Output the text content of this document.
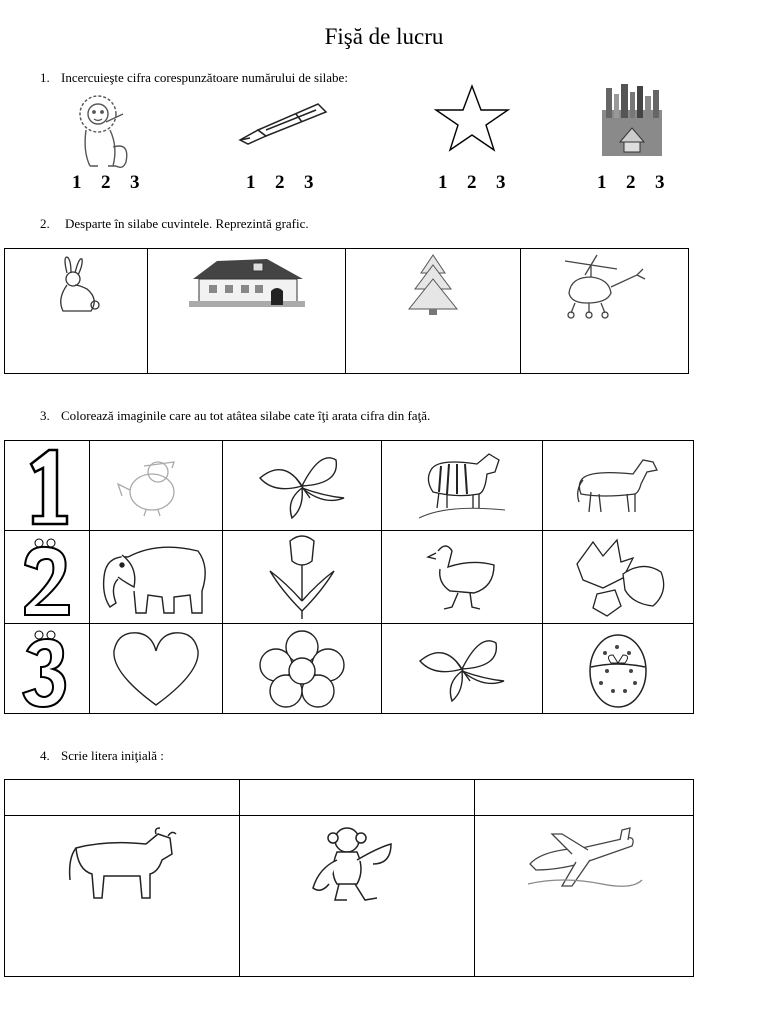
Fişă de lucru
1. Incercuieşte cifra corespunzătoare numărului de silabe:
1 2 3	1 2 3	1 2 3	1 2 3
2. Desparte în silabe cuvintele. Reprezintă grafic.

3. Colorează imaginile care au tot atâtea silabe cate îţi arata cifra din faţă.

4. Scrie litera iniţială :
